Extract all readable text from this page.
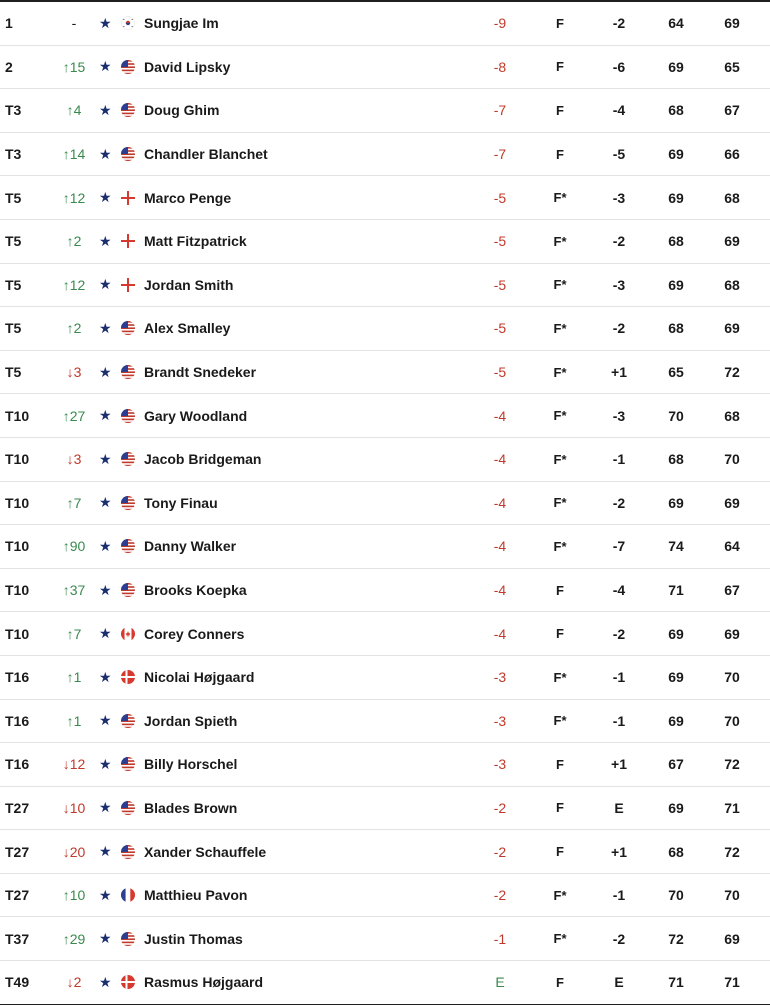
1	-	★ Sungjae Im	-9	F	-2	64	69
2	↑15 ★ David Lipsky	-8	F	-6	69	65
T3	↑4	★ Doug Ghim	-7	F	-4	68	67
T3	↑14 ★ Chandler Blanchet	-7	F	-5	69	66
T5	↑12 ★ Marco Penge	-5	F*	-3	69	68
T5	↑2	★ Matt Fitzpatrick	-5	F*	-2	68	69
T5	↑12 ★ Jordan Smith	-5	F*	-3	69	68
T5	↑2	★ Alex Smalley	-5	F*	-2	68	69
T5	↓3	★ Brandt Snedeker	-5	F*	+1	65	72
T10	↑27 ★ Gary Woodland	-4	F*	-3	70	68
T10	↓3	★ Jacob Bridgeman	-4	F*	-1	68	70
T10	↑7	★ Tony Finau	-4	F*	-2	69	69
T10	↑90 ★ Danny Walker	-4	F*	-7	74	64
T10	↑37 ★ Brooks Koepka	-4	F	-4	71	67
T10	↑7	★ Corey Conners	-4	F	-2	69	69
T16	↑1	★ Nicolai Højgaard	-3	F*	-1	69	70
T16	↑1	★ Jordan Spieth	-3	F*	-1	69	70
T16	↓12 ★ Billy Horschel	-3	F	+1	67	72
T27	↓10 ★ Blades Brown	-2	F	E	69	71
T27	↓20 ★ Xander Schauffele	-2	F	+1	68	72
T27	↑10 ★ Matthieu Pavon	-2	F*	-1	70	70
T37	↑29 ★ Justin Thomas	-1	F*	-2	72	69
T49	↓2	★ Rasmus Højgaard	E	F	E	71	71
